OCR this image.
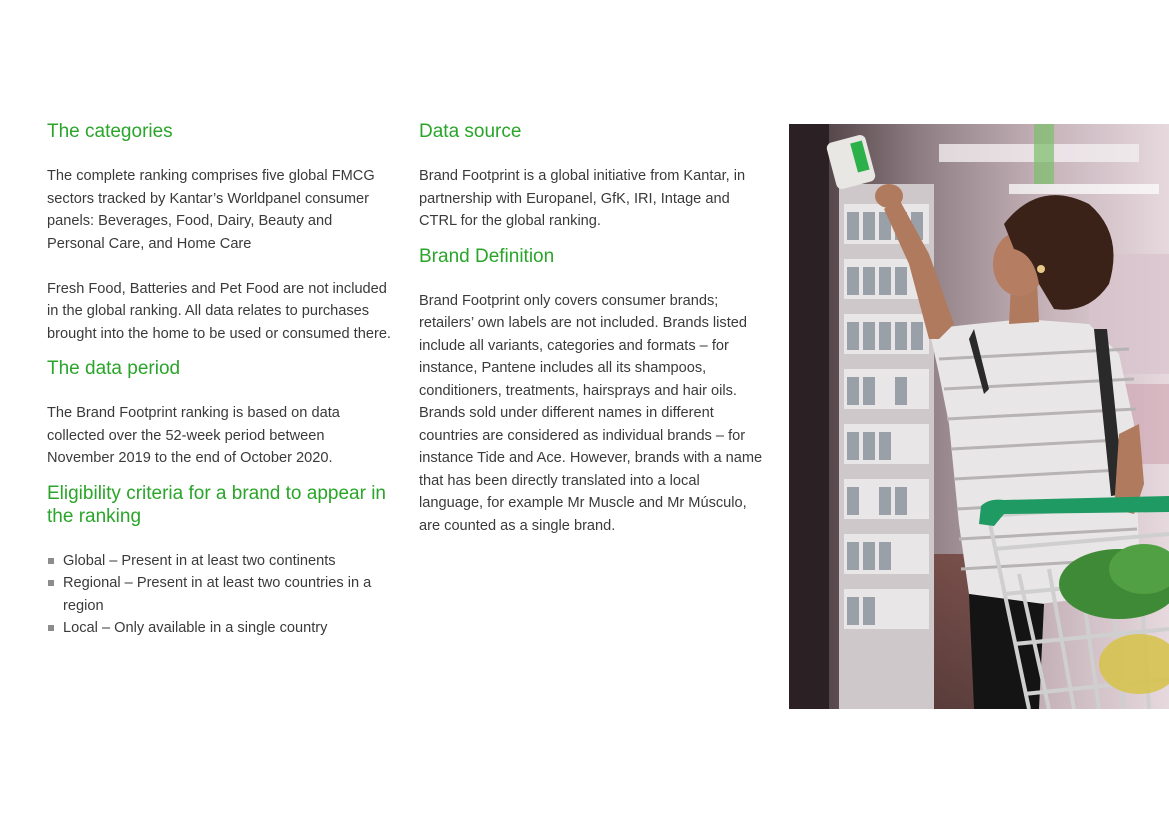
The categories

The complete ranking comprises five global FMCG sectors tracked by Kantar’s Worldpanel consumer panels: Beverages, Food, Dairy, Beauty and Personal Care, and Home Care

Fresh Food, Batteries and Pet Food are not included in the global ranking. All data relates to purchases brought into the home to be used or consumed there.

The data period

The Brand Footprint ranking is based on data collected over the 52-week period between November 2019 to the end of October 2020.

Eligibility criteria for a brand to appear in the ranking
Global – Present in at least two continents
Regional – Present in at least two countries in a region
Local – Only available in a single country
Data source

Brand Footprint is a global initiative from Kantar, in partnership with Europanel, GfK, IRI, Intage and CTRL for the global ranking.

Brand Definition

Brand Footprint only covers consumer brands; retailers’ own labels are not included. Brands listed include all variants, categories and formats – for instance, Pantene includes all its shampoos, conditioners, treatments, hairsprays and hair oils. Brands sold under different names in different countries are considered as individual brands – for instance Tide and Ace. However, brands with a name that has been directly translated into a local language, for example Mr Muscle and Mr Músculo, are counted as a single brand.
